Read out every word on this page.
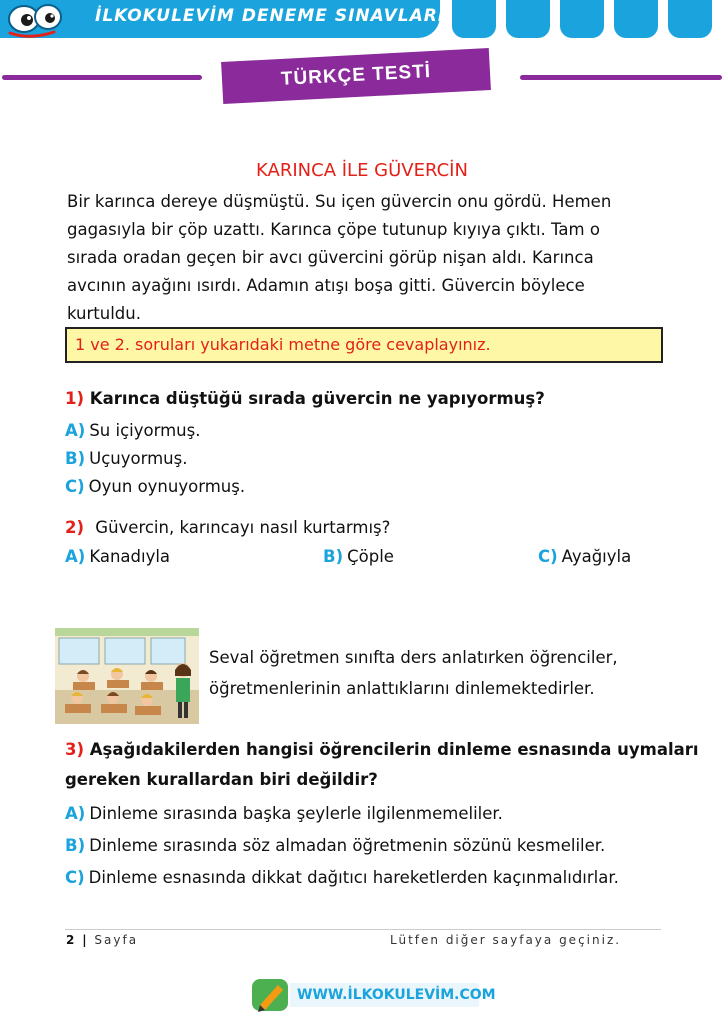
İLKOKULEVİM DENEME SINAVLARI
TÜRKÇE TESTİ
KARINCA İLE GÜVERCİN
Bir karınca dereye düşmüştü. Su içen güvercin onu gördü. Hemen
gagasıyla bir çöp uzattı. Karınca çöpe tutunup kıyıya çıktı. Tam o
sırada oradan geçen bir avcı güvercini görüp nişan aldı. Karınca
avcının ayağını ısırdı. Adamın atışı boşa gitti. Güvercin böylece
kurtuldu.
1 ve 2. soruları yukarıdaki metne göre cevaplayınız.
1) Karınca düştüğü sırada güvercin ne yapıyormuş?
A) Su içiyormuş.
B) Uçuyormuş.
C) Oyun oynuyormuş.
2) Güvercin, karıncayı nasıl kurtarmış?
A) Kanadıyla	B) Çöple	C) Ayağıyla
Seval öğretmen sınıfta ders anlatırken öğrenciler,
öğretmenlerinin anlattıklarını dinlemektedirler.
3) Aşağıdakilerden hangisi öğrencilerin dinleme esnasında uymaları
gereken kurallardan biri değildir?
A) Dinleme sırasında başka şeylerle ilgilenmemeliler.
B) Dinleme sırasında söz almadan öğretmenin sözünü kesmeliler.
C) Dinleme esnasında dikkat dağıtıcı hareketlerden kaçınmalıdırlar.
2 | Sayfa	Lütfen diğer sayfaya geçiniz.
WWW.İLKOKULEVİM.COM
